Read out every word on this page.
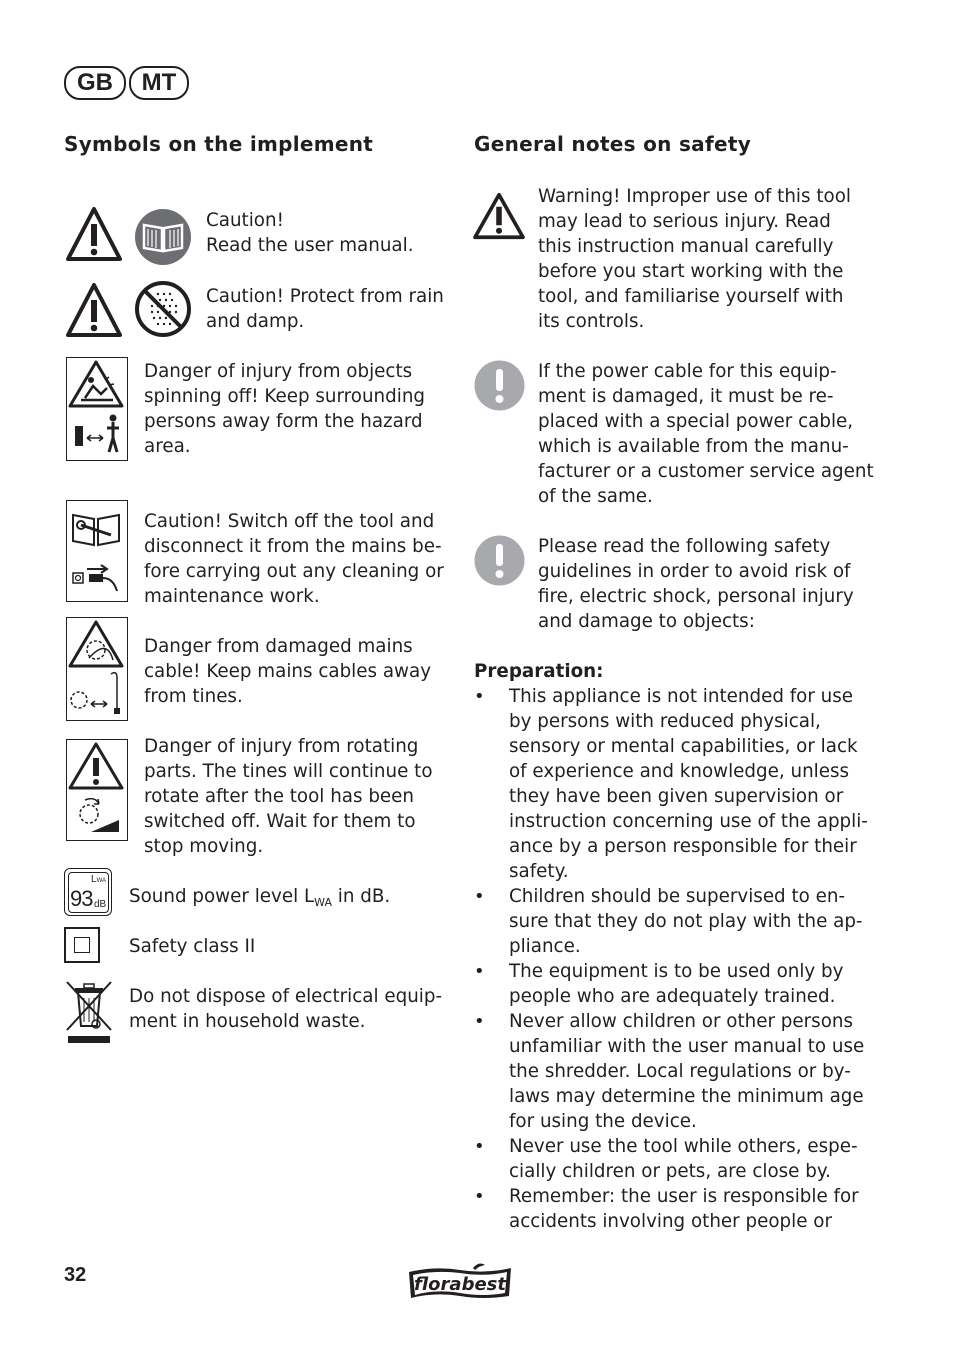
GB	MT
Symbols on the implement

Caution!
Read the user manual.

Caution! Protect from rain
and damp.

Danger of injury from objects
spinning off! Keep surrounding
persons away form the hazard
area.

Caution! Switch off the tool and
disconnect it from the mains be-
fore carrying out any cleaning or
maintenance work.

Danger from damaged mains
cable! Keep mains cables away
from tines.

Danger of injury from rotating
parts. The tines will continue to
rotate after the tool has been
switched off. Wait for them to
stop moving.

LWA
93 dB Sound power level $L_{WA}$ in dB.

Safety class II

Do not dispose of electrical equip-
ment in household waste.

General notes on safety

Warning! Improper use of this tool
may lead to serious injury. Read
this instruction manual carefully
before you start working with the
tool, and familiarise yourself with
its controls.

If the power cable for this equip-
ment is damaged, it must be re-
placed with a special power cable,
which is available from the manu-
facturer or a customer service agent
of the same.

Please read the following safety
guidelines in order to avoid risk of
fire, electric shock, personal injury
and damage to objects:

Preparation:

• This appliance is not intended for use
by persons with reduced physical,
sensory or mental capabilities, or lack
of experience and knowledge, unless
they have been given supervision or
instruction concerning use of the appli-
ance by a person responsible for their
safety.

• Children should be supervised to en-
sure that they do not play with the ap-
pliance.

• The equipment is to be used only by
people who are adequately trained.

• Never allow children or other persons
unfamiliar with the user manual to use
the shredder. Local regulations or by-
laws may determine the minimum age
for using the device.

• Never use the tool while others, espe-
cially children or pets, are close by.

• Remember: the user is responsible for
accidents involving other people or

32	florabest
